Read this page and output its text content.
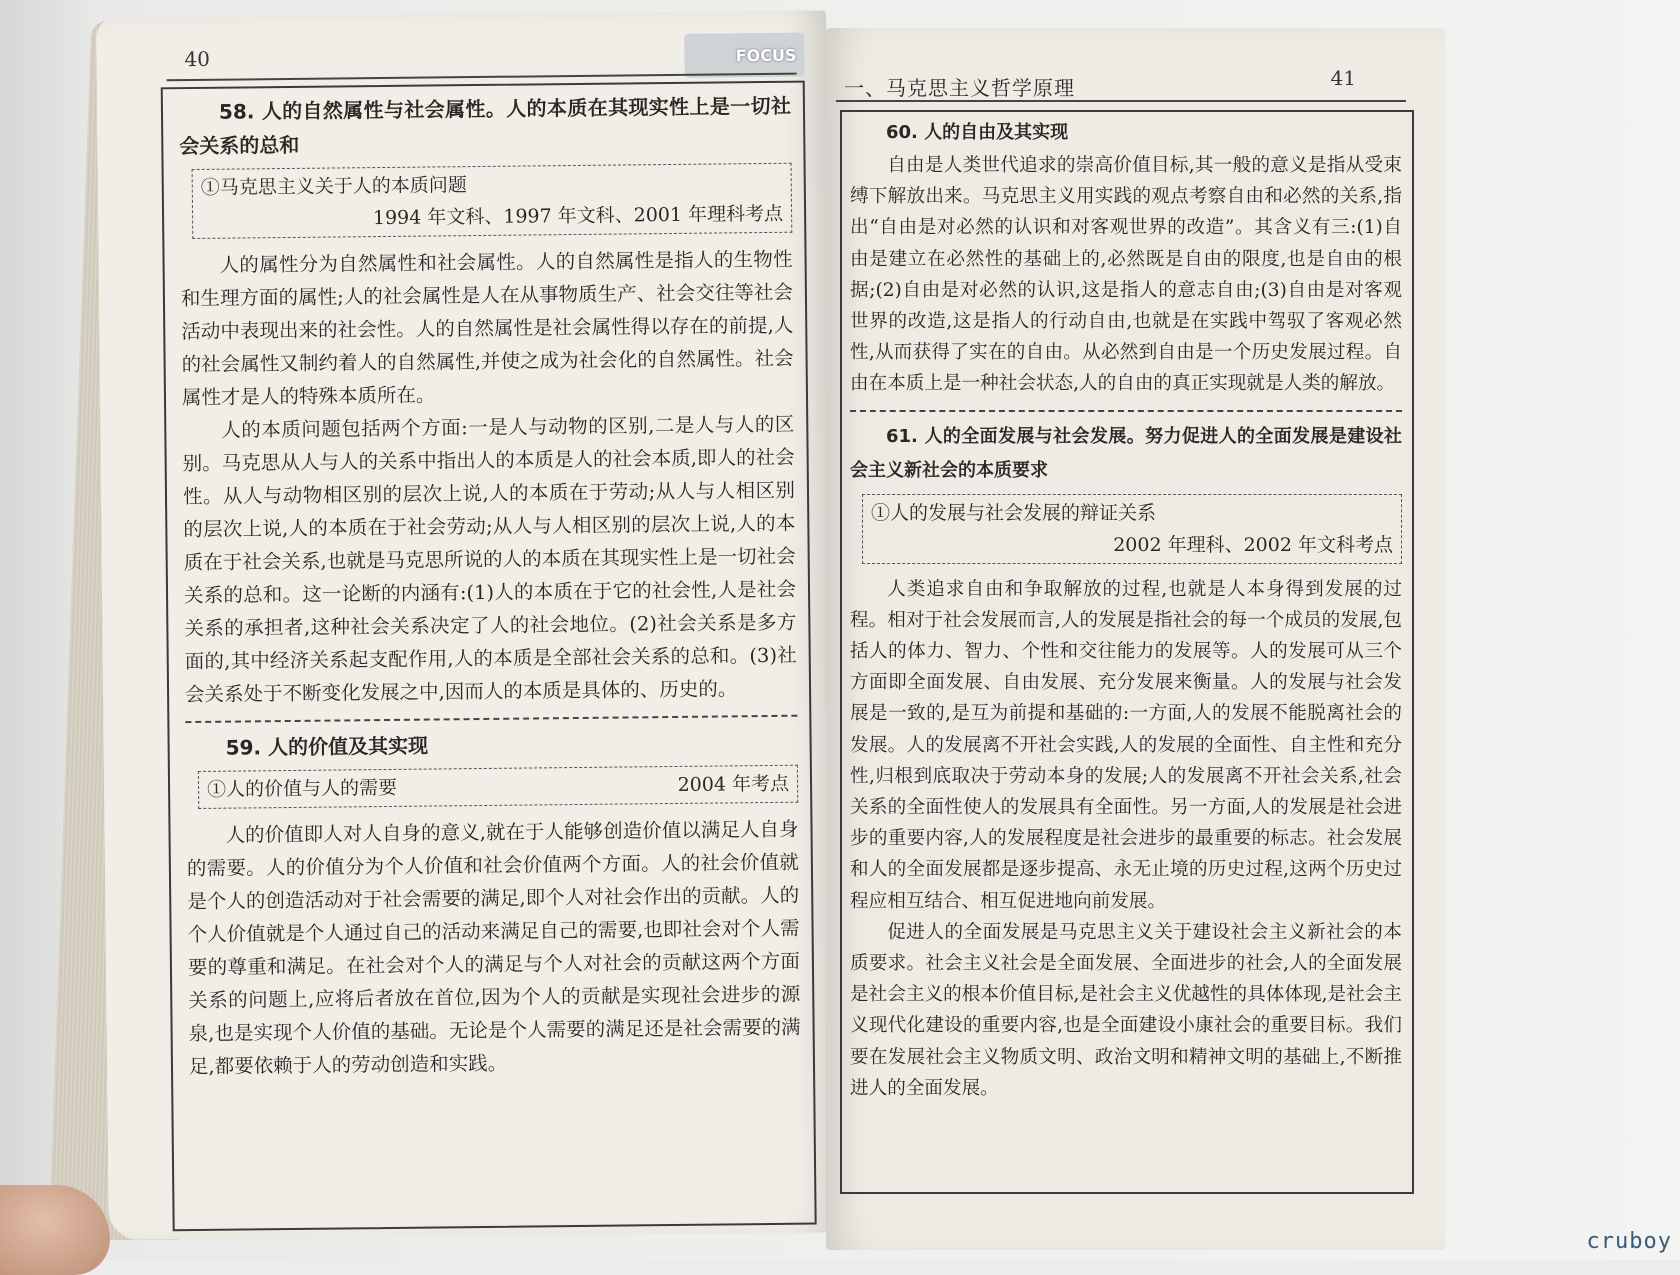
40	FOCUS
58. 人的自然属性与社会属性。人的本质在其现实性上是一切社会关系的总和
①马克思主义关于人的本质问题
1994 年文科、1997 年文科、2001 年理科考点

人的属性分为自然属性和社会属性。人的自然属性是指人的生物性和生理方面的属性;人的社会属性是人在从事物质生产、社会交往等社会活动中表现出来的社会性。人的自然属性是社会属性得以存在的前提,人的社会属性又制约着人的自然属性,并使之成为社会化的自然属性。社会属性才是人的特殊本质所在。

人的本质问题包括两个方面:一是人与动物的区别,二是人与人的区别。马克思从人与人的关系中指出人的本质是人的社会本质,即人的社会性。从人与动物相区别的层次上说,人的本质在于劳动;从人与人相区别的层次上说,人的本质在于社会劳动;从人与人相区别的层次上说,人的本质在于社会关系,也就是马克思所说的人的本质在其现实性上是一切社会关系的总和。这一论断的内涵有:(1)人的本质在于它的社会性,人是社会关系的承担者,这种社会关系决定了人的社会地位。(2)社会关系是多方面的,其中经济关系起支配作用,人的本质是全部社会关系的总和。(3)社会关系处于不断变化发展之中,因而人的本质是具体的、历史的。

59. 人的价值及其实现
①人的价值与人的需要	2004 年考点

人的价值即人对人自身的意义,就在于人能够创造价值以满足人自身的需要。人的价值分为个人价值和社会价值两个方面。人的社会价值就是个人的创造活动对于社会需要的满足,即个人对社会作出的贡献。人的个人价值就是个人通过自己的活动来满足自己的需要,也即社会对个人需要的尊重和满足。在社会对个人的满足与个人对社会的贡献这两个方面关系的问题上,应将后者放在首位,因为个人的贡献是实现社会进步的源泉,也是实现个人价值的基础。无论是个人需要的满足还是社会需要的满足,都要依赖于人的劳动创造和实践。

一、马克思主义哲学原理	41
60. 人的自由及其实现

自由是人类世代追求的崇高价值目标,其一般的意义是指从受束缚下解放出来。马克思主义用实践的观点考察自由和必然的关系,指出“自由是对必然的认识和对客观世界的改造”。其含义有三:(1)自由是建立在必然性的基础上的,必然既是自由的限度,也是自由的根据;(2)自由是对必然的认识,这是指人的意志自由;(3)自由是对客观世界的改造,这是指人的行动自由,也就是在实践中驾驭了客观必然性,从而获得了实在的自由。从必然到自由是一个历史发展过程。自由在本质上是一种社会状态,人的自由的真正实现就是人类的解放。

61. 人的全面发展与社会发展。努力促进人的全面发展是建设社会主义新社会的本质要求
①人的发展与社会发展的辩证关系
2002 年理科、2002 年文科考点

人类追求自由和争取解放的过程,也就是人本身得到发展的过程。相对于社会发展而言,人的发展是指社会的每一个成员的发展,包括人的体力、智力、个性和交往能力的发展等。人的发展可从三个方面即全面发展、自由发展、充分发展来衡量。人的发展与社会发展是一致的,是互为前提和基础的:一方面,人的发展不能脱离社会的发展。人的发展离不开社会实践,人的发展的全面性、自主性和充分性,归根到底取决于劳动本身的发展;人的发展离不开社会关系,社会关系的全面性使人的发展具有全面性。另一方面,人的发展是社会进步的重要内容,人的发展程度是社会进步的最重要的标志。社会发展和人的全面发展都是逐步提高、永无止境的历史过程,这两个历史过程应相互结合、相互促进地向前发展。

促进人的全面发展是马克思主义关于建设社会主义新社会的本质要求。社会主义社会是全面发展、全面进步的社会,人的全面发展是社会主义的根本价值目标,是社会主义优越性的具体体现,是社会主义现代化建设的重要内容,也是全面建设小康社会的重要目标。我们要在发展社会主义物质文明、政治文明和精神文明的基础上,不断推进人的全面发展。

cruboy
